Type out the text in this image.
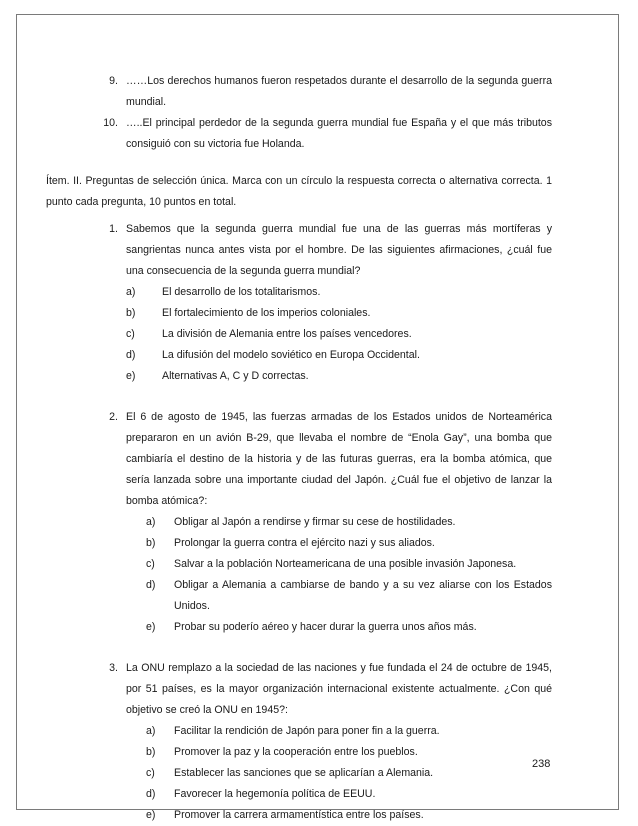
9. ……Los derechos humanos fueron respetados durante el desarrollo de la segunda guerra mundial.
10. …..El principal perdedor de la segunda guerra mundial fue España y el que más tributos consiguió con su victoria fue Holanda.
Ítem. II. Preguntas de selección única. Marca con un círculo la respuesta correcta o alternativa correcta. 1 punto cada pregunta, 10 puntos en total.
1. Sabemos que la segunda guerra mundial fue una de las guerras más mortíferas y sangrientas nunca antes vista por el hombre. De las siguientes afirmaciones, ¿cuál fue una consecuencia de la segunda guerra mundial?
a)	El desarrollo de los totalitarismos.
b)	El fortalecimiento de los imperios coloniales.
c)	La división de Alemania entre los países vencedores.
d)	La difusión del modelo soviético en Europa Occidental.
e)	Alternativas A, C y D correctas.
2. El 6 de agosto de 1945, las fuerzas armadas de los Estados unidos de Norteamérica prepararon en un avión B-29, que llevaba el nombre de “Enola Gay”, una bomba que cambiaría el destino de la historia y de las futuras guerras, era la bomba atómica, que sería lanzada sobre una importante ciudad del Japón. ¿Cuál fue el objetivo de lanzar la bomba atómica?:
a)	Obligar al Japón a rendirse y firmar su cese de hostilidades.
b)	Prolongar la guerra contra el ejército nazi y sus aliados.
c)	Salvar a la población Norteamericana de una posible invasión Japonesa.
d)	Obligar a Alemania a cambiarse de bando y a su vez aliarse con los Estados Unidos.
e)	Probar su poderío aéreo y hacer durar la guerra unos años más.
3. La ONU remplazo a la sociedad de las naciones y fue fundada el 24 de octubre de 1945, por 51 países, es la mayor organización internacional existente actualmente. ¿Con qué objetivo se creó la ONU en 1945?:
a)	Facilitar la rendición de Japón para poner fin a la guerra.
b)	Promover la paz y la cooperación entre los pueblos.
c)	Establecer las sanciones que se aplicarían a Alemania.
d)	Favorecer la hegemonía política de EEUU.
e)	Promover la carrera armamentística entre los países.
238
